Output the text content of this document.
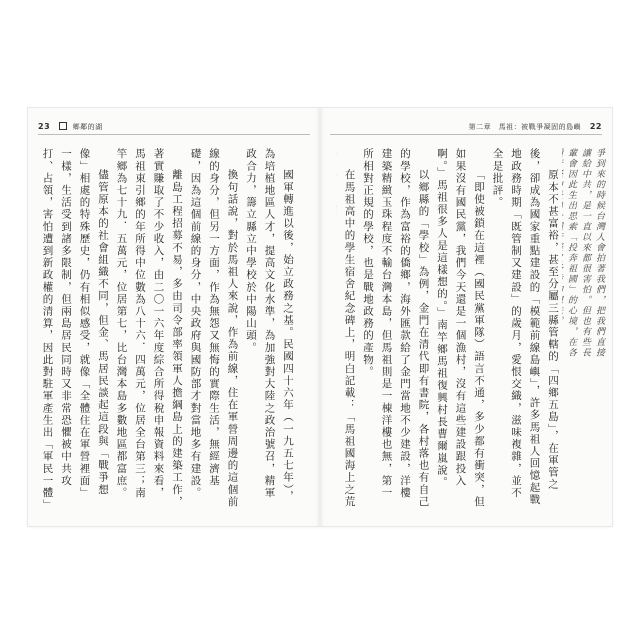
23	鄉鄰的湖

國軍轉進以後，始立政務之基。民國四十六年（一九五七年），為培植地區人才，提高文化水準，為加強對大陸之政治號召，精軍政合力，籌立縣立中學校於中陽山頭。

換句話說，對於馬祖人來說，作為前線，住在軍營周邊的這個前線的身分，但另一方面，作為無怨又無悔的實際生活，無經濟基礎，因為這個前線的身分，中央政府與國防部才對當地多有建設。

離島工程招募不易，多由司令部率領軍人擔綱島上的建築工作，著實賺取了不少收入，由二〇一六年度綜合所得稅申報資料來看，馬祖東引鄉的年所得中位數為八十六．四萬元，位居全台第三；南竿鄉為七十九．五萬元，位居第七，比台灣本島多數地區都富庶。

儘管原本的社會組織不同，但金、馬居民談起這段與「戰爭想像」相處的特殊歷史，仍有相似感受，就像「全體住在軍營裡面」一樣，生活受到諸多限制，但兩島居民同時又非常恐懼被中共攻打、占領，害怕遭到新政權的清算，因此對駐軍產生出「軍民一體」

第二章　馬祖：被戰爭凝固的島嶼 22
爭到來的時候台灣人會拍著我們，把我們直接讓給中共，是一直以來都很害怕。但也有些長輩會因此生出思索「投奔祖國」的心境，在各

原本不甚富裕，甚至分屬三縣管轄的「四鄉五島」，在軍管之後，卻成為國家重點建設的「模範前線島嶼」，許多馬祖人回憶起戰地政務時期「既管制又建設」的歲月，愛恨交織，滋味複雜，並不全是批評。

「即使被鎖在這裡（國民黨軍隊）語言不通，多少都有衝突，但如果沒有國民黨，我們今天還是一個漁村，沒有這些建設跟投入啊。」馬祖很多人是這樣想的。」南竿鄉馬祖復興村長曹爾嵐說。

以鄉縣的「學校」為例，金門在清代即有書院，各村落也有自己的學校，作為富裕的僑鄉，海外匯款給了金門當地不少建設，洋樓建築精緻玉珠程度不輸台灣本島，但馬祖則是一棟洋樓也無，第一所相對正規的學校，也是戰地政務的產物。

在馬祖高中的學生宿舍紀念碑上，明白記載：「馬祖國海上之荒
